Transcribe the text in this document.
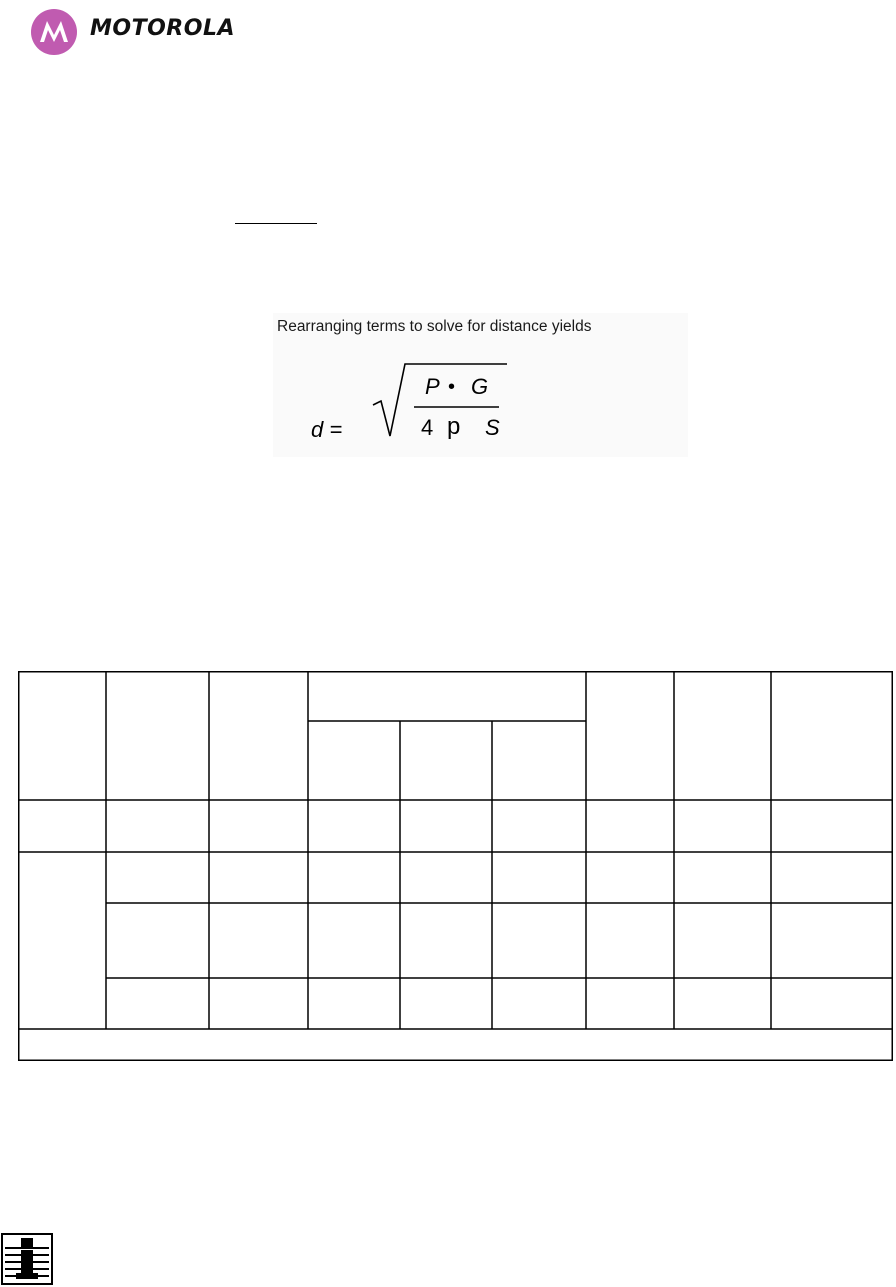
MOTOROLA
Rearranging terms to solve for distance yields
d =
P • G
4 p S
